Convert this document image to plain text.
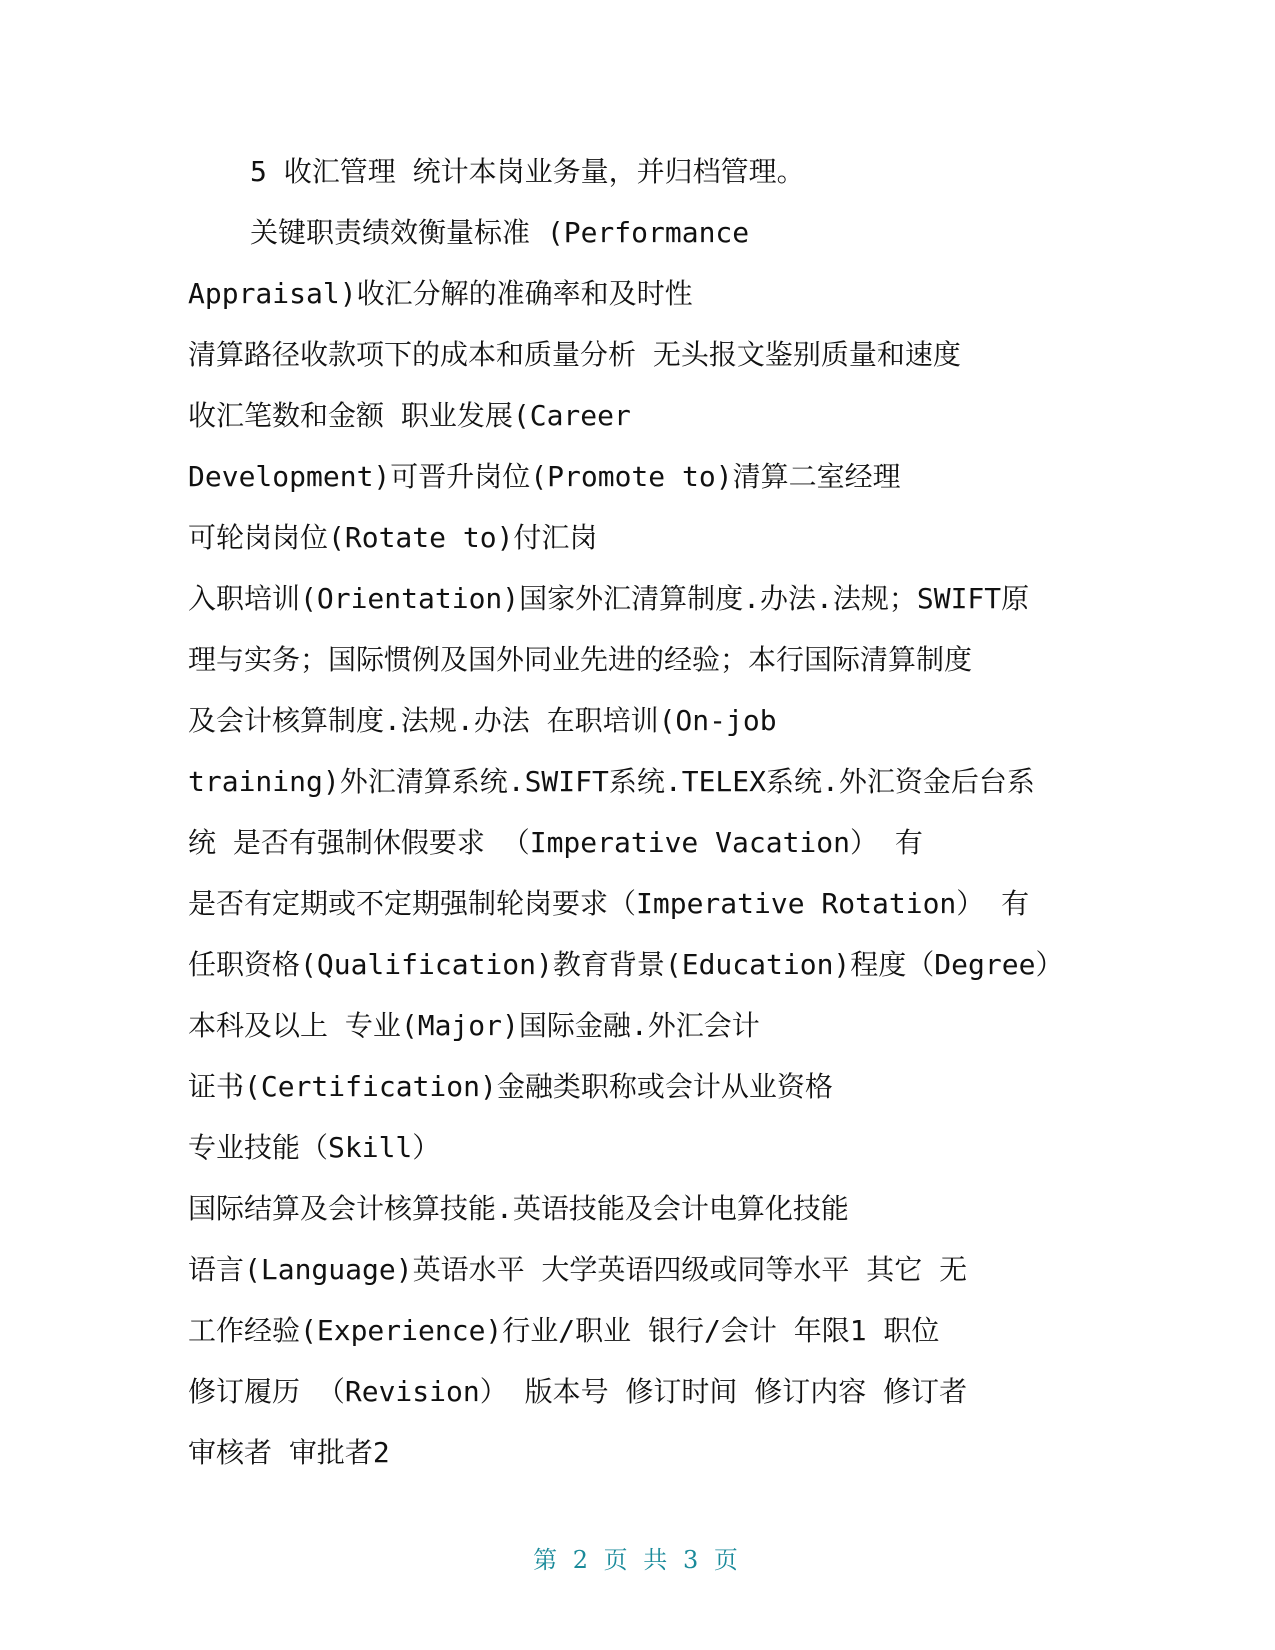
5 收汇管理 统计本岗业务量，并归档管理。
关键职责绩效衡量标准 (Performance
Appraisal)收汇分解的准确率和及时性
清算路径收款项下的成本和质量分析 无头报文鉴别质量和速度
收汇笔数和金额 职业发展(Career
Development)可晋升岗位(Promote to)清算二室经理
可轮岗岗位(Rotate to)付汇岗
入职培训(Orientation)国家外汇清算制度.办法.法规；SWIFT原
理与实务；国际惯例及国外同业先进的经验；本行国际清算制度
及会计核算制度.法规.办法 在职培训(On-job
training)外汇清算系统.SWIFT系统.TELEX系统.外汇资金后台系
统 是否有强制休假要求 （Imperative Vacation） 有
是否有定期或不定期强制轮岗要求（Imperative Rotation） 有
任职资格(Qualification)教育背景(Education)程度（Degree）
本科及以上 专业(Major)国际金融.外汇会计
证书(Certification)金融类职称或会计从业资格
专业技能（Skill）
国际结算及会计核算技能.英语技能及会计电算化技能
语言(Language)英语水平 大学英语四级或同等水平 其它 无
工作经验(Experience)行业/职业 银行/会计 年限1 职位
修订履历 （Revision） 版本号 修订时间 修订内容 修订者
审核者 审批者2
第 2 页 共 3 页
